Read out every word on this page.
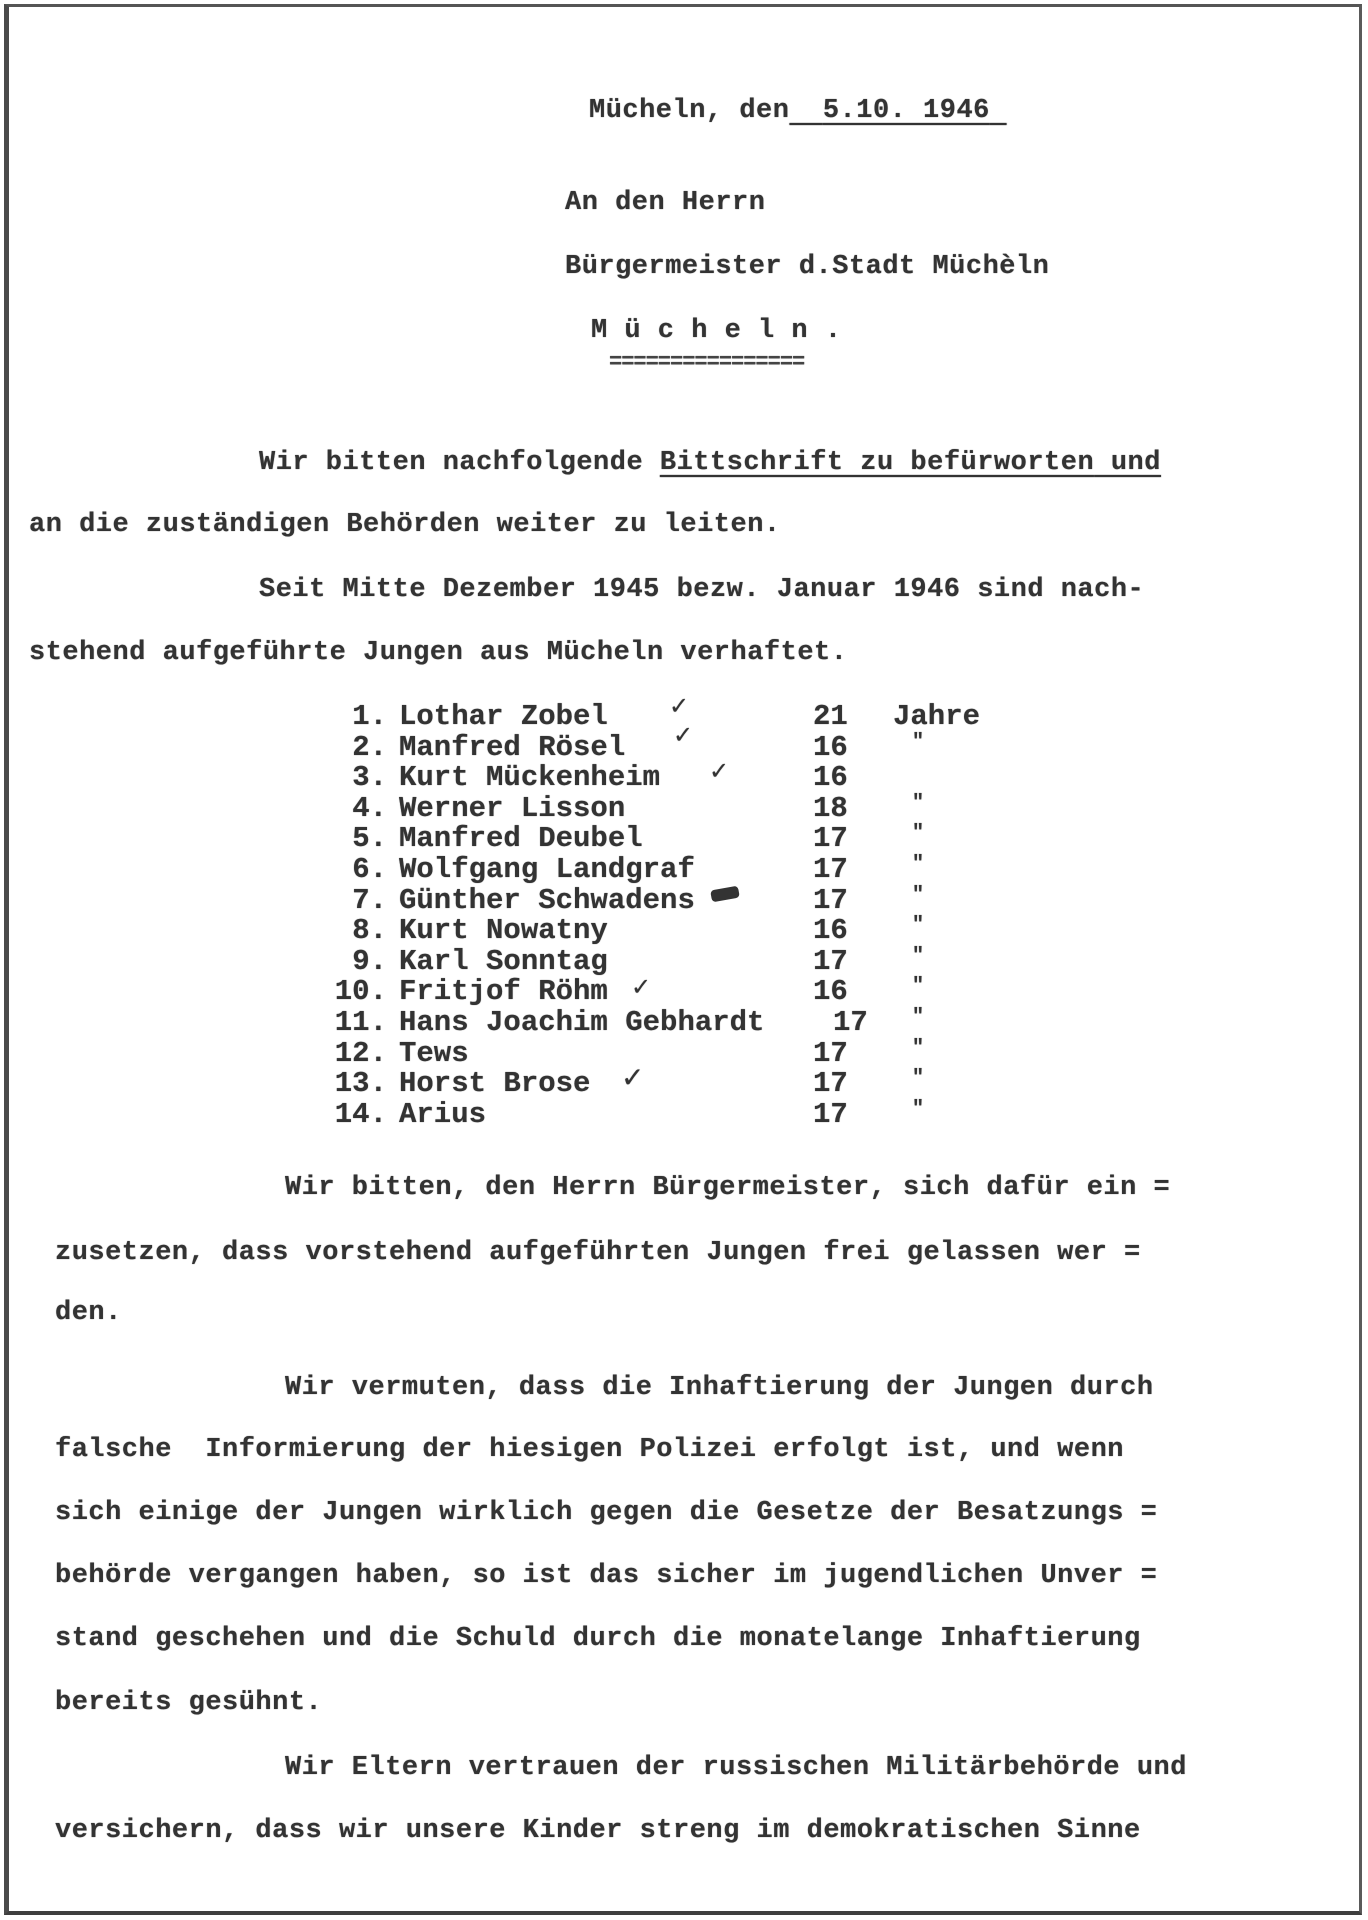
Mücheln, den 5.10. 1946
An den Herrn
Bürgermeister d.Stadt Müchèln
M ü c h e l n .
================
Wir bitten nachfolgende Bittschrift zu befürworten und
an die zuständigen Behörden weiter zu leiten.
Seit Mitte Dezember 1945 bezw. Januar 1946 sind nach-
stehend aufgeführte Jungen aus Mücheln verhaftet.
1. Lothar Zobel	✓	21 Jahre
2. Manfred Rösel ✓	16	"
3. Kurt Mückenheim ✓	16
4. Werner Lisson	18	"
5. Manfred Deubel	17	"
6. Wolfgang Landgraf	17	"
7. Günther Schwadens	17	"
8. Kurt Nowatny	16	"
9. Karl Sonntag	17	"
10. Fritjof Röhm ✓	16	"
11. Hans Joachim Gebhardt 17 "
12. Tews	17	"
13. Horst Brose ✓	17	"
14. Arius	17	"
Wir bitten, den Herrn Bürgermeister, sich dafür ein =
zusetzen, dass vorstehend aufgeführten Jungen frei gelassen wer =
den.
Wir vermuten, dass die Inhaftierung der Jungen durch
falsche  Informierung der hiesigen Polizei erfolgt ist, und wenn
sich einige der Jungen wirklich gegen die Gesetze der Besatzungs =
behörde vergangen haben, so ist das sicher im jugendlichen Unver =
stand geschehen und die Schuld durch die monatelange Inhaftierung
bereits gesühnt.
Wir Eltern vertrauen der russischen Militärbehörde und
versichern, dass wir unsere Kinder streng im demokratischen Sinne
